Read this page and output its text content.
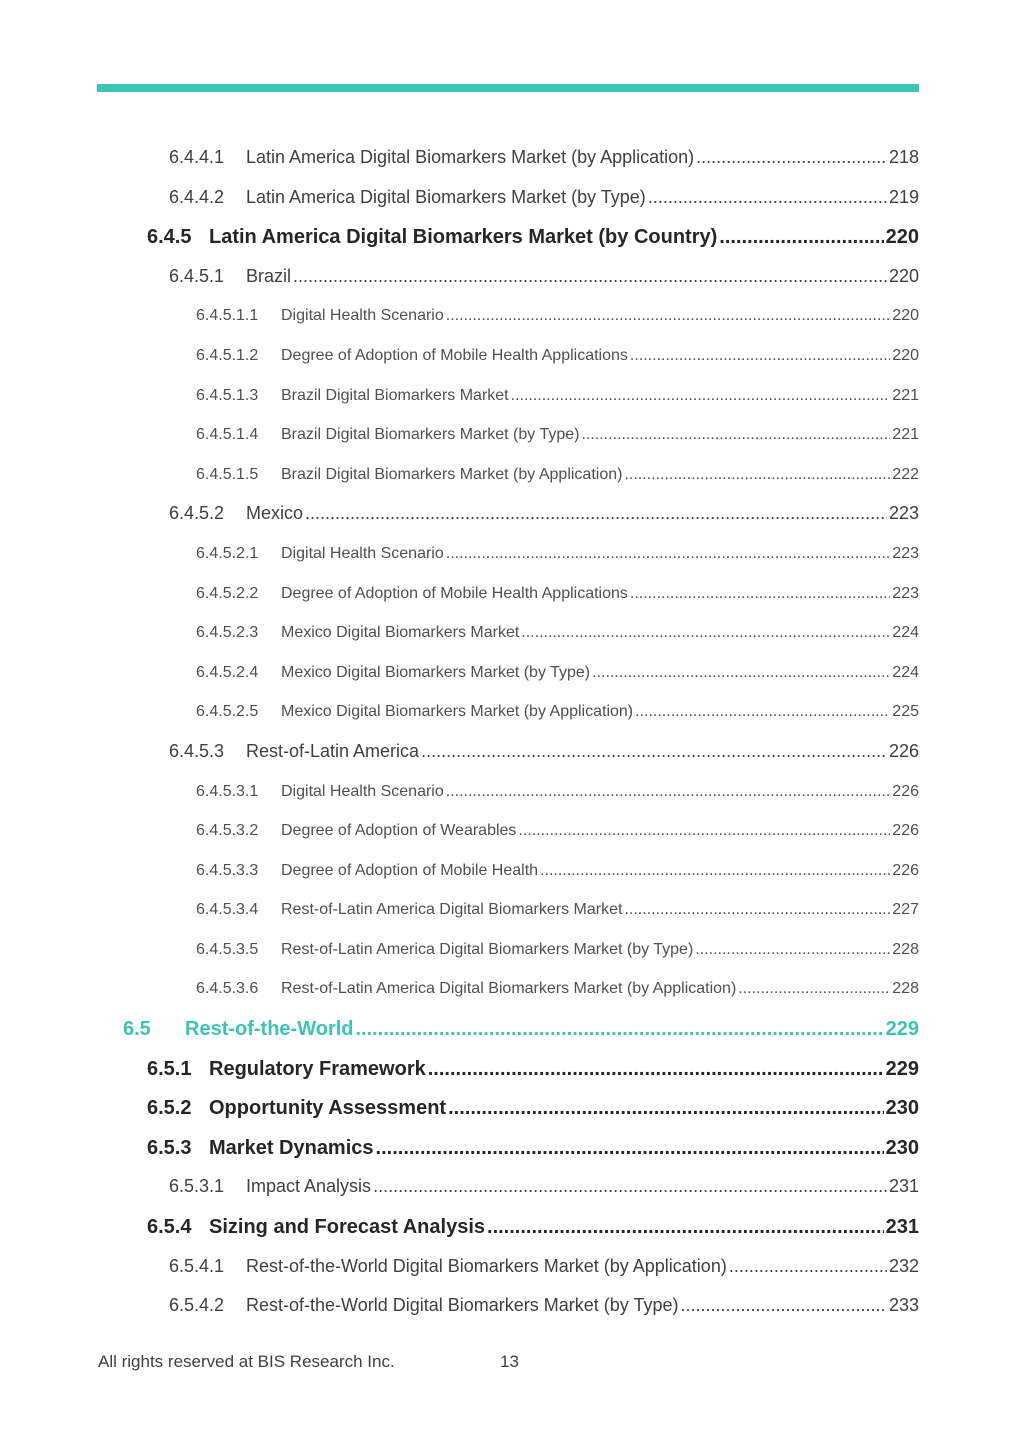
6.4.4.1	Latin America Digital Biomarkers Market (by Application) .....	218
6.4.4.2	Latin America Digital Biomarkers Market (by Type) .....	219
6.4.5 Latin America Digital Biomarkers Market (by Country) .....	220
6.4.5.1	Brazil .....	220
6.4.5.1.1	Digital Health Scenario .....	220
6.4.5.1.2	Degree of Adoption of Mobile Health Applications .....	220
6.4.5.1.3	Brazil Digital Biomarkers Market .....	221
6.4.5.1.4	Brazil Digital Biomarkers Market (by Type) .....	221
6.4.5.1.5	Brazil Digital Biomarkers Market (by Application) .....	222
6.4.5.2	Mexico .....	223
6.4.5.2.1	Digital Health Scenario .....	223
6.4.5.2.2	Degree of Adoption of Mobile Health Applications .....	223
6.4.5.2.3	Mexico Digital Biomarkers Market .....	224
6.4.5.2.4	Mexico Digital Biomarkers Market (by Type) .....	224
6.4.5.2.5	Mexico Digital Biomarkers Market (by Application) .....	225
6.4.5.3	Rest-of-Latin America .....	226
6.4.5.3.1	Digital Health Scenario .....	226
6.4.5.3.2	Degree of Adoption of Wearables .....	226
6.4.5.3.3	Degree of Adoption of Mobile Health .....	226
6.4.5.3.4	Rest-of-Latin America Digital Biomarkers Market .....	227
6.4.5.3.5	Rest-of-Latin America Digital Biomarkers Market (by Type) .....	228
6.4.5.3.6	Rest-of-Latin America Digital Biomarkers Market (by Application) .....	228
6.5	Rest-of-the-World .....	229
6.5.1 Regulatory Framework .....	229
6.5.2 Opportunity Assessment .....	230
6.5.3 Market Dynamics .....	230
6.5.3.1	Impact Analysis .....	231
6.5.4 Sizing and Forecast Analysis .....	231
6.5.4.1	Rest-of-the-World Digital Biomarkers Market (by Application) .....	232
6.5.4.2	Rest-of-the-World Digital Biomarkers Market (by Type) .....	233
All rights reserved at BIS Research Inc.	13
